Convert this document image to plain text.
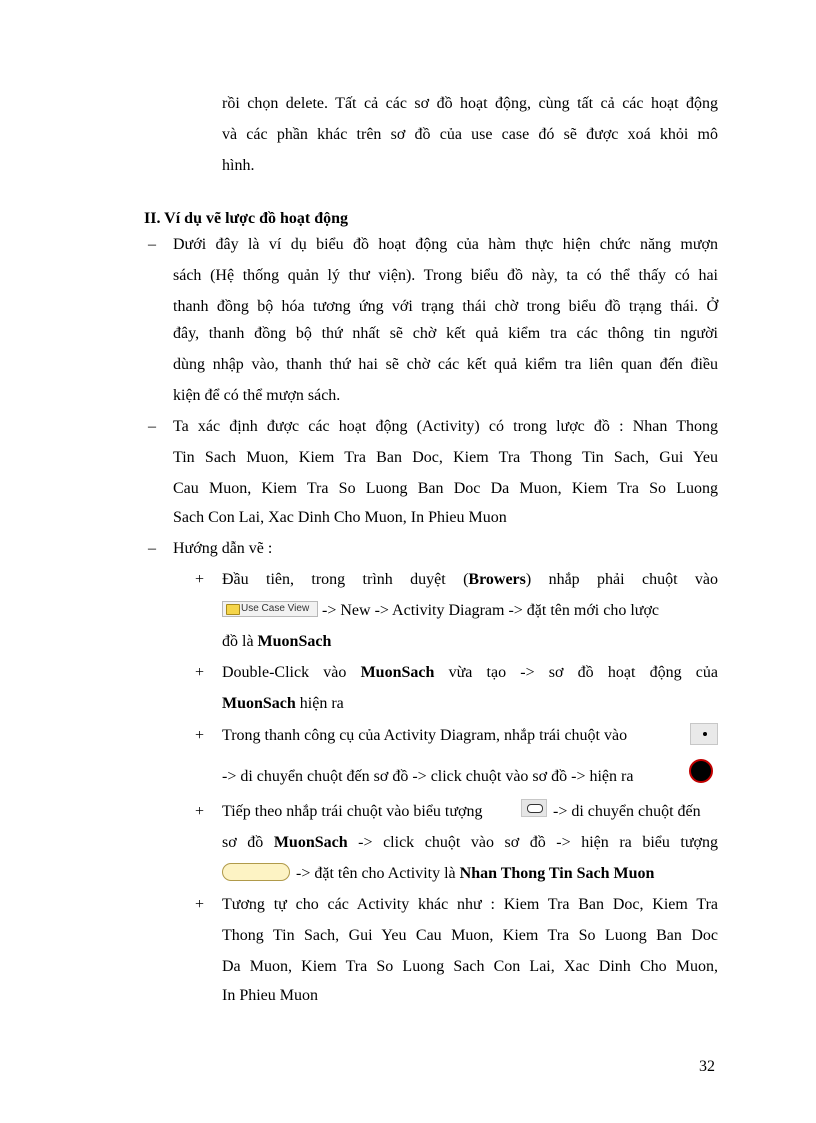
rồi chọn delete. Tất cả các sơ đồ hoạt động, cùng tất cả các hoạt động
và các phần khác trên sơ đồ của use case đó sẽ được xoá khỏi mô
hình.
II. Ví dụ vẽ lược đồ hoạt động
– Dưới đây là ví dụ biểu đồ hoạt động của hàm thực hiện chức năng mượn
sách (Hệ thống quản lý thư viện). Trong biểu đồ này, ta có thể thấy có hai
thanh đồng bộ hóa tương ứng với trạng thái chờ trong biểu đồ trạng thái. Ở
đây, thanh đồng bộ thứ nhất sẽ chờ kết quả kiểm tra các thông tin người
dùng nhập vào, thanh thứ hai sẽ chờ các kết quả kiểm tra liên quan đến điều
kiện để có thể mượn sách.
– Ta xác định được các hoạt động (Activity) có trong lược đồ : Nhan Thong
Tin Sach Muon, Kiem Tra Ban Doc, Kiem Tra Thong Tin Sach, Gui Yeu
Cau Muon, Kiem Tra So Luong Ban Doc Da Muon, Kiem Tra So Luong
Sach Con Lai, Xac Dinh Cho Muon, In Phieu Muon
– Hướng dẫn vẽ :
+ Đầu tiên, trong trình duyệt (Browers) nhắp phải chuột vào
Use Case View -> New -> Activity Diagram -> đặt tên mới cho lược
đồ là MuonSach
+ Double-Click vào MuonSach vừa tạo -> sơ đồ hoạt động của
MuonSach hiện ra
+ Trong thanh công cụ của Activity Diagram, nhắp trái chuột vào
-> di chuyển chuột đến sơ đồ -> click chuột vào sơ đồ -> hiện ra
+ Tiếp theo nhắp trái chuột vào biểu tượng	-> di chuyển chuột đến
sơ đồ MuonSach -> click chuột vào sơ đồ -> hiện ra biểu tượng
-> đặt tên cho Activity là Nhan Thong Tin Sach Muon
+ Tương tự cho các Activity khác như : Kiem Tra Ban Doc, Kiem Tra
Thong Tin Sach, Gui Yeu Cau Muon, Kiem Tra So Luong Ban Doc
Da Muon, Kiem Tra So Luong Sach Con Lai, Xac Dinh Cho Muon,
In Phieu Muon
32
